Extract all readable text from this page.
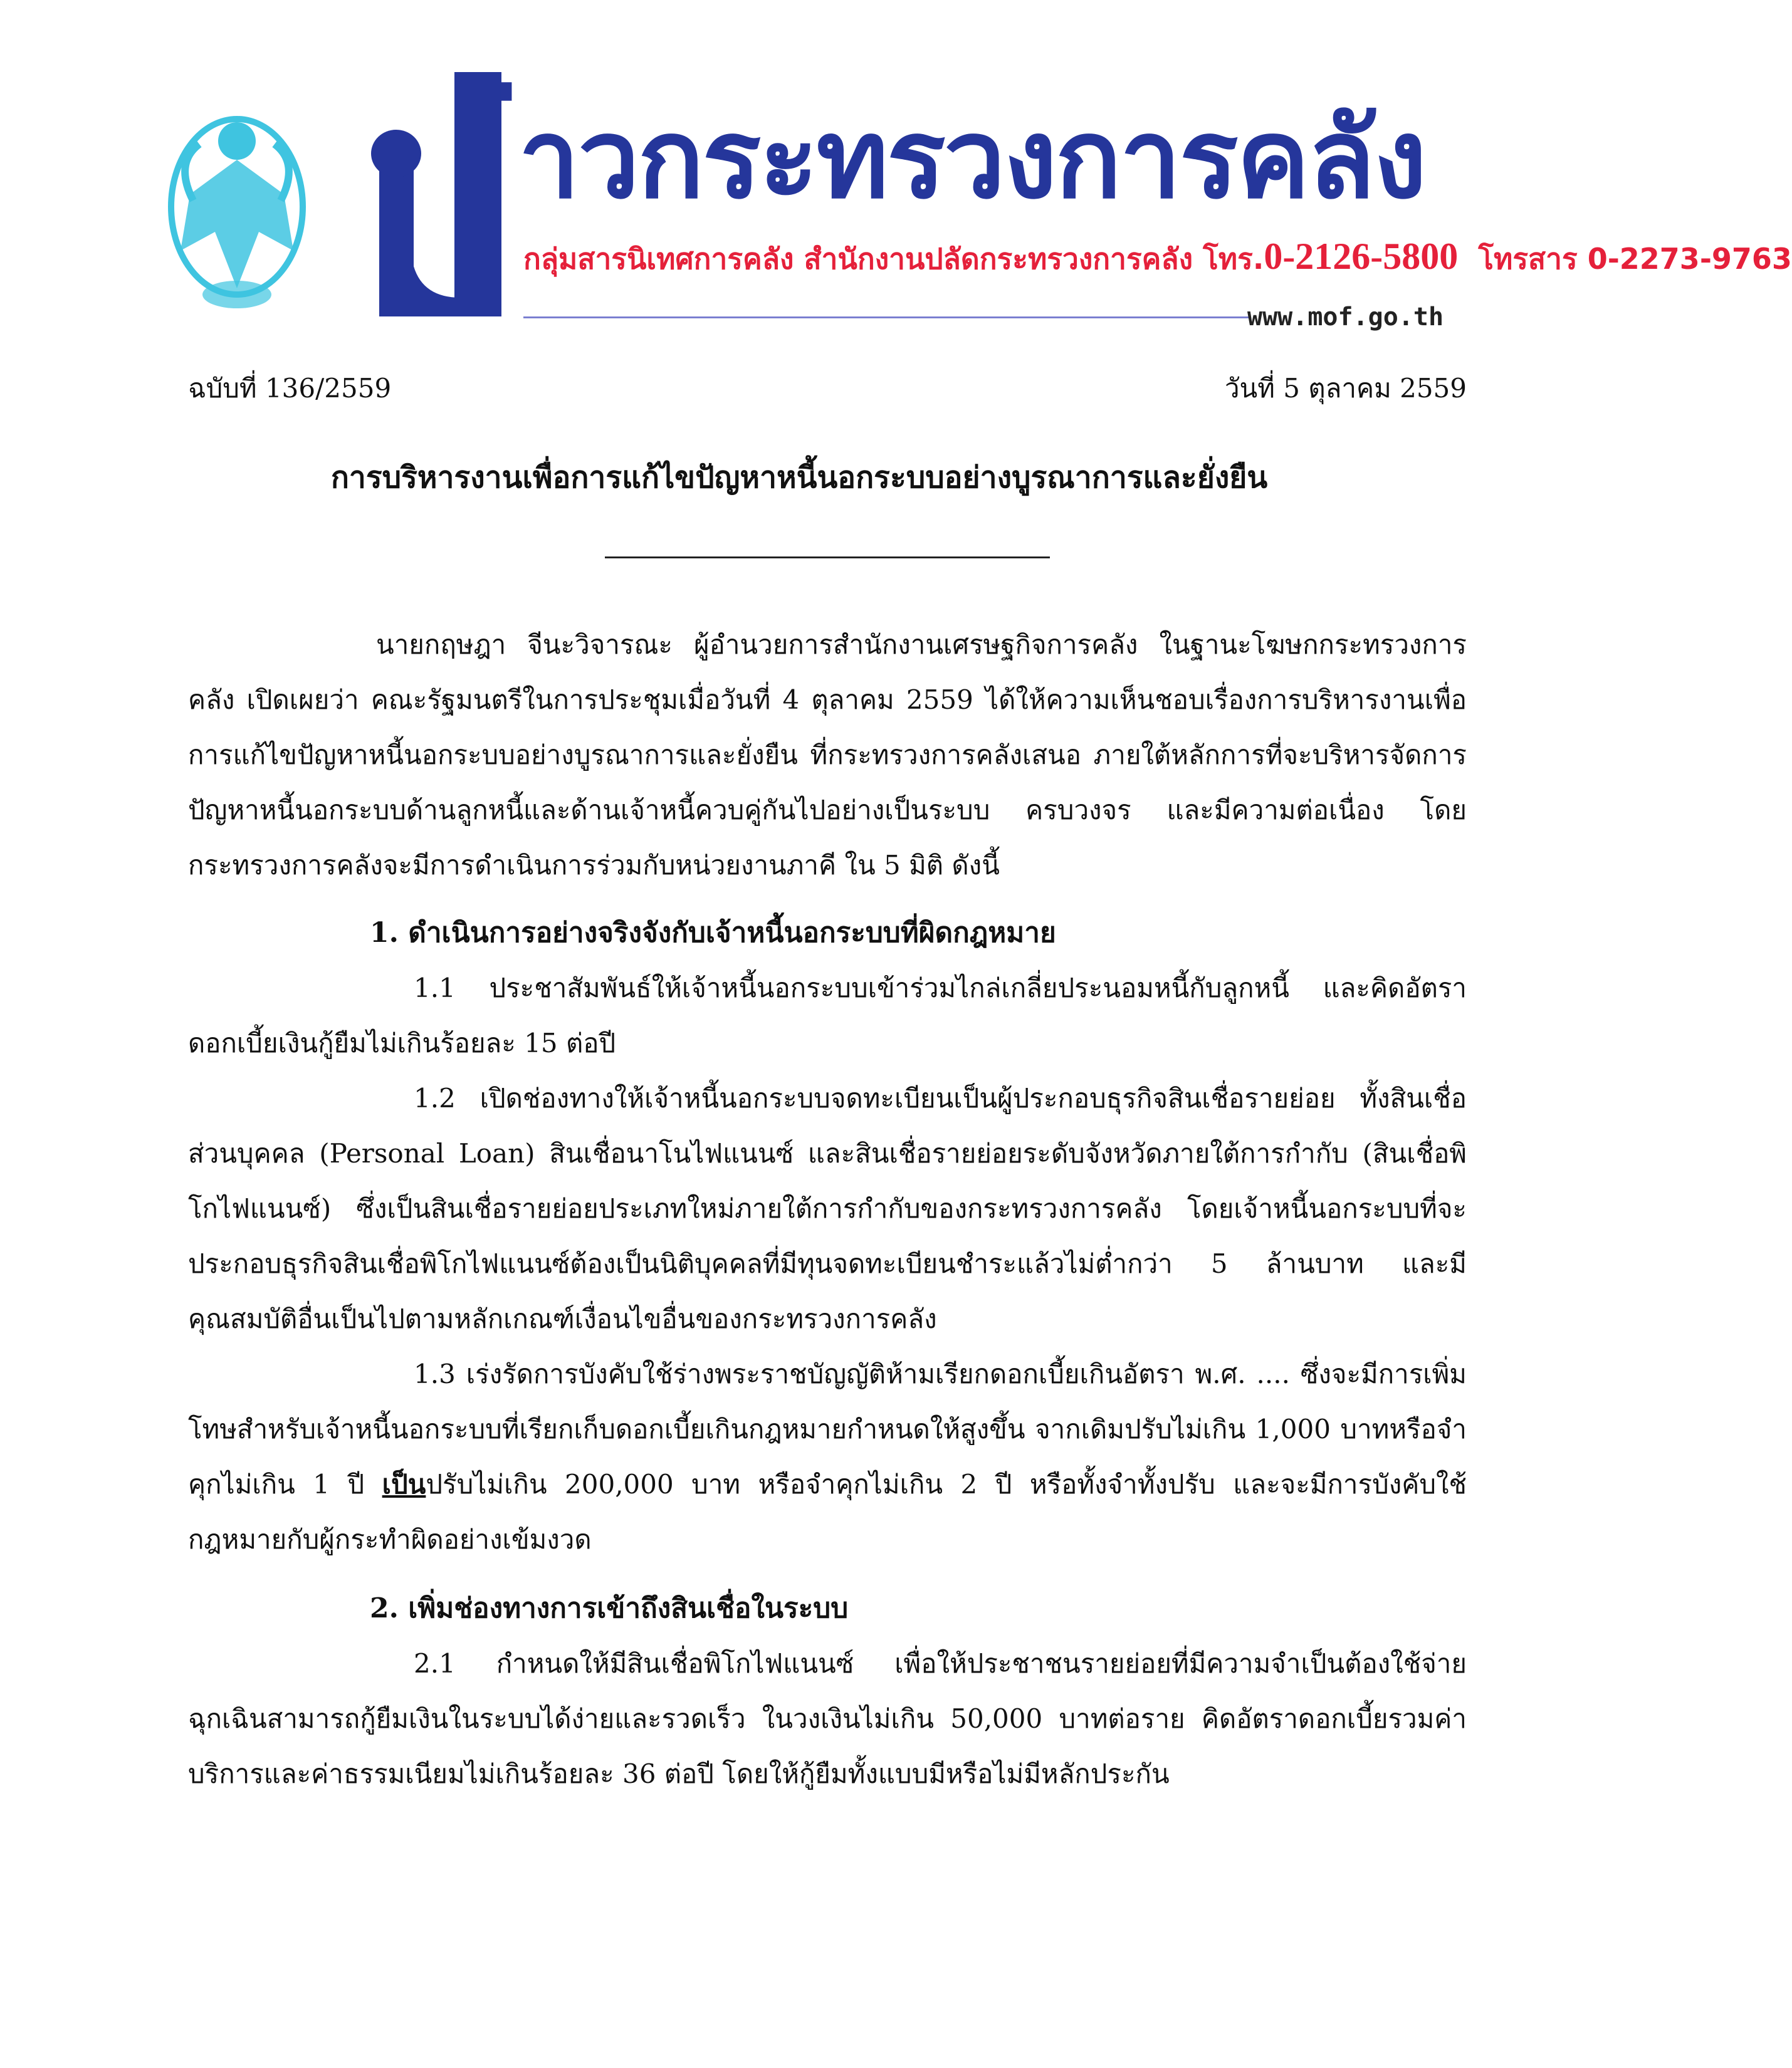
่าวกระทรวงการคลัง
กลุ่มสารนิเทศการคลัง สำนักงานปลัดกระทรวงการคลัง โทร.0-2126-5800 โทรสาร 0-2273-9763
www.mof.go.th
ฉบับที่ 136/2559	วันที่ 5 ตุลาคม 2559
การบริหารงานเพื่อการแก้ไขปัญหาหนี้นอกระบบอย่างบูรณาการและยั่งยืน

นายกฤษฎา จีนะวิจารณะ ผู้อำนวยการสำนักงานเศรษฐกิจการคลัง ในฐานะโฆษกกระทรวงการคลัง เปิดเผยว่า คณะรัฐมนตรีในการประชุมเมื่อวันที่ 4 ตุลาคม 2559 ได้ให้ความเห็นชอบเรื่องการบริหารงานเพื่อการแก้ไขปัญหาหนี้นอกระบบอย่างบูรณาการและยั่งยืน ที่กระทรวงการคลังเสนอ ภายใต้หลักการที่จะบริหารจัดการปัญหาหนี้นอกระบบด้านลูกหนี้และด้านเจ้าหนี้ควบคู่กันไปอย่างเป็นระบบ ครบวงจร และมีความต่อเนื่อง โดยกระทรวงการคลังจะมีการดำเนินการร่วมกับหน่วยงานภาคี ใน 5 มิติ ดังนี้

1. ดำเนินการอย่างจริงจังกับเจ้าหนี้นอกระบบที่ผิดกฎหมาย

1.1 ประชาสัมพันธ์ให้เจ้าหนี้นอกระบบเข้าร่วมไกล่เกลี่ยประนอมหนี้กับลูกหนี้ และคิดอัตราดอกเบี้ยเงินกู้ยืมไม่เกินร้อยละ 15 ต่อปี

1.2 เปิดช่องทางให้เจ้าหนี้นอกระบบจดทะเบียนเป็นผู้ประกอบธุรกิจสินเชื่อรายย่อย ทั้งสินเชื่อส่วนบุคคล (Personal Loan) สินเชื่อนาโนไฟแนนซ์ และสินเชื่อรายย่อยระดับจังหวัดภายใต้การกำกับ (สินเชื่อพิโกไฟแนนซ์) ซึ่งเป็นสินเชื่อรายย่อยประเภทใหม่ภายใต้การกำกับของกระทรวงการคลัง โดยเจ้าหนี้นอกระบบที่จะประกอบธุรกิจสินเชื่อพิโกไฟแนนซ์ต้องเป็นนิติบุคคลที่มีทุนจดทะเบียนชำระแล้วไม่ต่ำกว่า 5 ล้านบาท และมีคุณสมบัติอื่นเป็นไปตามหลักเกณฑ์เงื่อนไขอื่นของกระทรวงการคลัง

1.3 เร่งรัดการบังคับใช้ร่างพระราชบัญญัติห้ามเรียกดอกเบี้ยเกินอัตรา พ.ศ. .... ซึ่งจะมีการเพิ่มโทษสำหรับเจ้าหนี้นอกระบบที่เรียกเก็บดอกเบี้ยเกินกฎหมายกำหนดให้สูงขึ้น จากเดิมปรับไม่เกิน 1,000 บาทหรือจำคุกไม่เกิน 1 ปี เป็นปรับไม่เกิน 200,000 บาท หรือจำคุกไม่เกิน 2 ปี หรือทั้งจำทั้งปรับ และจะมีการบังคับใช้กฎหมายกับผู้กระทำผิดอย่างเข้มงวด

2. เพิ่มช่องทางการเข้าถึงสินเชื่อในระบบ

2.1 กำหนดให้มีสินเชื่อพิโกไฟแนนซ์ เพื่อให้ประชาชนรายย่อยที่มีความจำเป็นต้องใช้จ่ายฉุกเฉินสามารถกู้ยืมเงินในระบบได้ง่ายและรวดเร็ว ในวงเงินไม่เกิน 50,000 บาทต่อราย คิดอัตราดอกเบี้ยรวมค่าบริการและค่าธรรมเนียมไม่เกินร้อยละ 36 ต่อปี โดยให้กู้ยืมทั้งแบบมีหรือไม่มีหลักประกัน
